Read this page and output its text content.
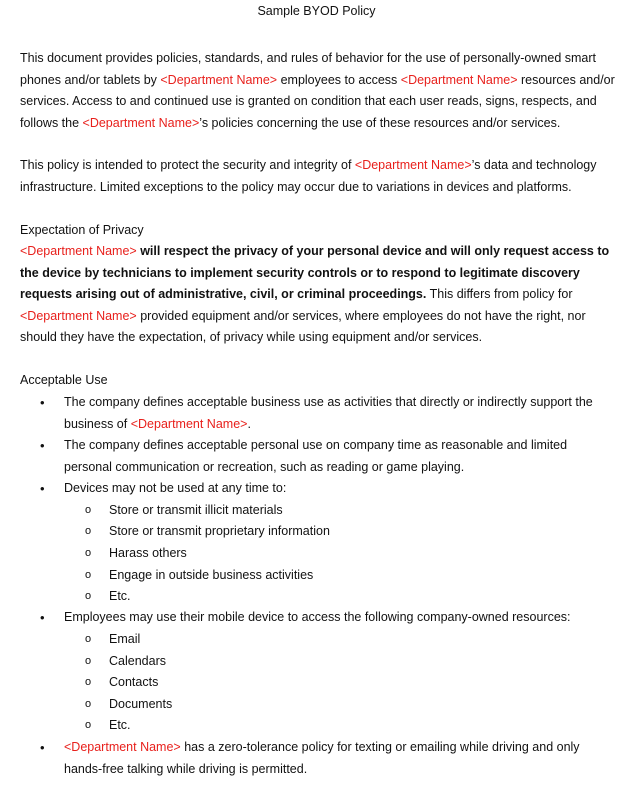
Sample BYOD Policy
This document provides policies, standards, and rules of behavior for the use of personally-owned smart phones and/or tablets by <Department Name> employees to access <Department Name> resources and/or services. Access to and continued use is granted on condition that each user reads, signs, respects, and follows the <Department Name>’s policies concerning the use of these resources and/or services.
This policy is intended to protect the security and integrity of <Department Name>’s data and technology infrastructure. Limited exceptions to the policy may occur due to variations in devices and platforms.
Expectation of Privacy
<Department Name> will respect the privacy of your personal device and will only request access to the device by technicians to implement security controls or to respond to legitimate discovery requests arising out of administrative, civil, or criminal proceedings. This differs from policy for <Department Name> provided equipment and/or services, where employees do not have the right, nor should they have the expectation, of privacy while using equipment and/or services.
Acceptable Use
•	The company defines acceptable business use as activities that directly or indirectly support the business of <Department Name>.
•	The company defines acceptable personal use on company time as reasonable and limited personal communication or recreation, such as reading or game playing.
•	Devices may not be used at any time to:
o	Store or transmit illicit materials
o	Store or transmit proprietary information
o	Harass others
o	Engage in outside business activities
o	Etc.
•	Employees may use their mobile device to access the following company-owned resources:
o	Email
o	Calendars
o	Contacts
o	Documents
o	Etc.
•	<Department Name> has a zero-tolerance policy for texting or emailing while driving and only hands-free talking while driving is permitted.
